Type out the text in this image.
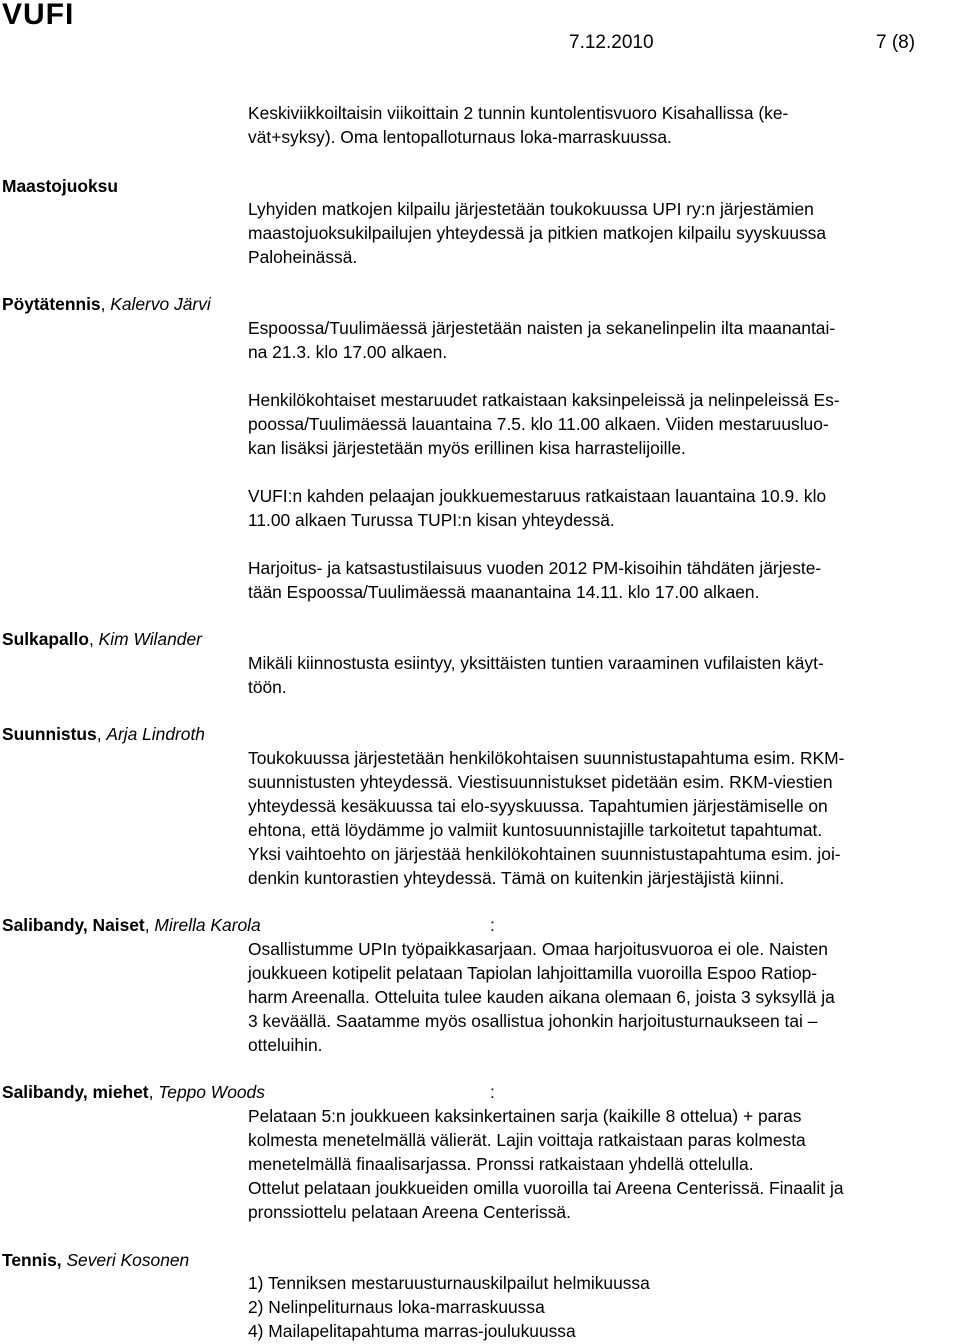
VUFI
7.12.2010	7 (8)
Keskiviikkoiltaisin viikoittain 2 tunnin kuntolentisvuoro Kisahallissa (ke-
vät+syksy). Oma lentopalloturnaus loka-marraskuussa.
Maastojuoksu
Lyhyiden matkojen kilpailu järjestetään toukokuussa UPI ry:n järjestämien
maastojuoksukilpailujen yhteydessä ja pitkien matkojen kilpailu syyskuussa
Paloheinässä.
Pöytätennis, Kalervo Järvi
Espoossa/Tuulimäessä järjestetään naisten ja sekanelinpelin ilta maanantai-
na 21.3. klo 17.00 alkaen.
Henkilökohtaiset mestaruudet ratkaistaan kaksinpeleissä ja nelinpeleissä Es-
poossa/Tuulimäessä lauantaina 7.5. klo 11.00 alkaen. Viiden mestaruusluo-
kan lisäksi järjestetään myös erillinen kisa harrastelijoille.
VUFI:n kahden pelaajan joukkuemestaruus ratkaistaan lauantaina 10.9. klo
11.00 alkaen Turussa TUPI:n kisan yhteydessä.
Harjoitus- ja katsastustilaisuus vuoden 2012 PM-kisoihin tähdäten järjeste-
tään Espoossa/Tuulimäessä maanantaina 14.11. klo 17.00 alkaen.
Sulkapallo, Kim Wilander
Mikäli kiinnostusta esiintyy, yksittäisten tuntien varaaminen vufilaisten käyt-
töön.
Suunnistus, Arja Lindroth
Toukokuussa järjestetään henkilökohtaisen suunnistustapahtuma esim. RKM-
suunnistusten yhteydessä. Viestisuunnistukset pidetään esim. RKM-viestien
yhteydessä kesäkuussa tai elo-syyskuussa. Tapahtumien järjestämiselle on
ehtona, että löydämme jo valmiit kuntosuunnistajille tarkoitetut tapahtumat.
Yksi vaihtoehto on järjestää henkilökohtainen suunnistustapahtuma esim. joi-
denkin kuntorastien yhteydessä. Tämä on kuitenkin järjestäjistä kiinni.
Salibandy, Naiset, Mirella Karola	:
Osallistumme UPIn työpaikkasarjaan. Omaa harjoitusvuoroa ei ole. Naisten
joukkueen kotipelit pelataan Tapiolan lahjoittamilla vuoroilla Espoo Ratiop-
harm Areenalla. Otteluita tulee kauden aikana olemaan 6, joista 3 syksyllä ja
3 keväällä. Saatamme myös osallistua johonkin harjoitusturnaukseen tai –
otteluihin.
Salibandy, miehet, Teppo Woods	:
Pelataan 5:n joukkueen kaksinkertainen sarja (kaikille 8 ottelua) + paras
kolmesta menetelmällä välierät. Lajin voittaja ratkaistaan paras kolmesta
menetelmällä finaalisarjassa. Pronssi ratkaistaan yhdellä ottelulla.
Ottelut pelataan joukkueiden omilla vuoroilla tai Areena Centerissä. Finaalit ja
pronssiottelu pelataan Areena Centerissä.
Tennis, Severi Kosonen
1) Tenniksen mestaruusturnauskilpailut helmikuussa
2) Nelinpeliturnaus loka-marraskuussa
4) Mailapelitapahtuma marras-joulukuussa
